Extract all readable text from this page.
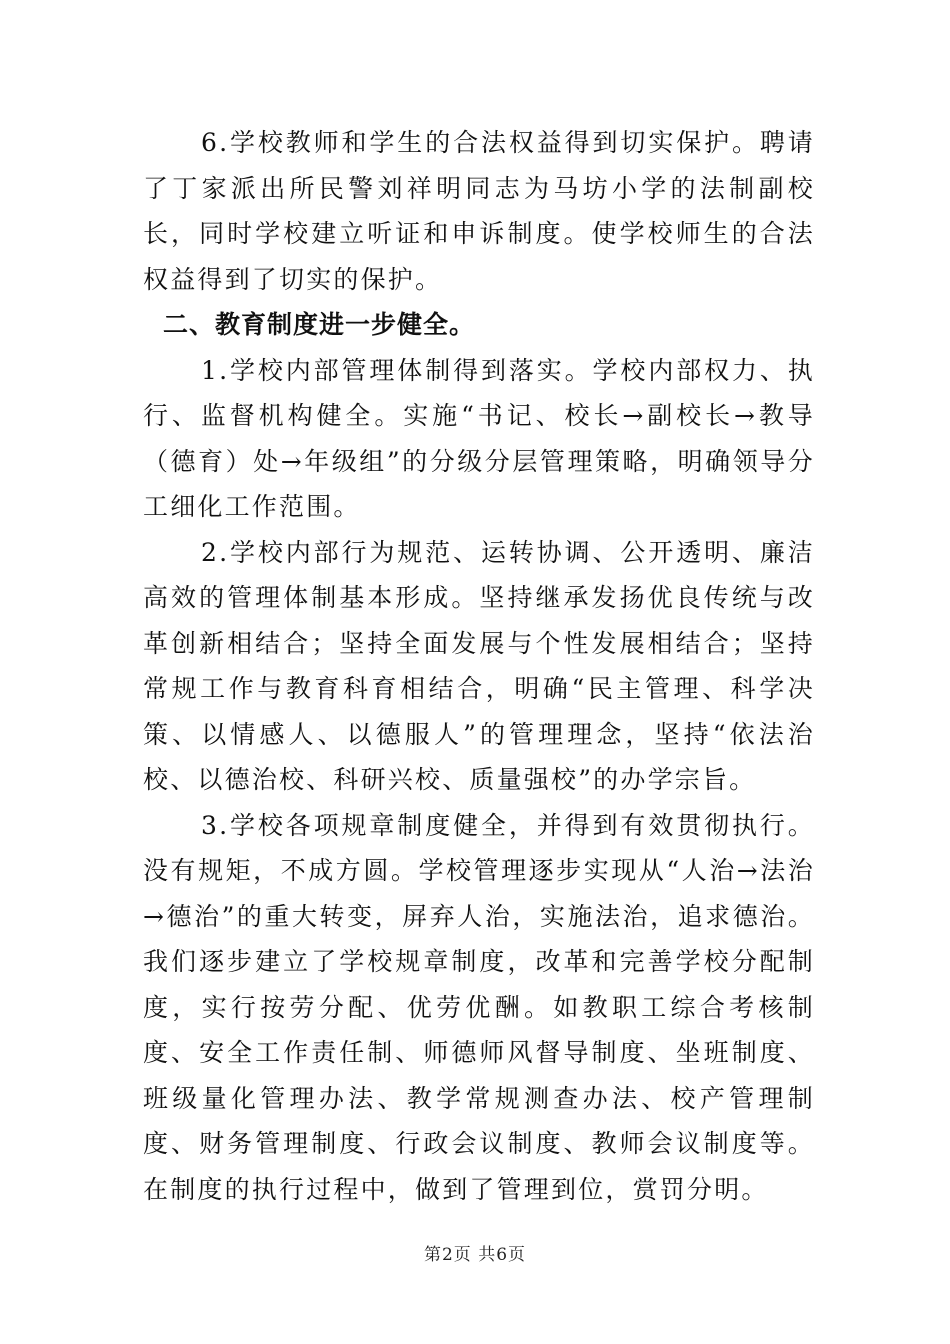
6.学校教师和学生的合法权益得到切实保护。聘请了丁家派出所民警刘祥明同志为马坊小学的法制副校长，同时学校建立听证和申诉制度。使学校师生的合法权益得到了切实的保护。

二、教育制度进一步健全。

1.学校内部管理体制得到落实。学校内部权力、执行、监督机构健全。实施“书记、校长→副校长→教导（德育）处→年级组”的分级分层管理策略，明确领导分工细化工作范围。

2.学校内部行为规范、运转协调、公开透明、廉洁高效的管理体制基本形成。坚持继承发扬优良传统与改革创新相结合；坚持全面发展与个性发展相结合；坚持常规工作与教育科育相结合，明确“民主管理、科学决策、以情感人、以德服人”的管理理念，坚持“依法治校、以德治校、科研兴校、质量强校”的办学宗旨。

3.学校各项规章制度健全，并得到有效贯彻执行。没有规矩，不成方圆。学校管理逐步实现从“人治→法治→德治”的重大转变，屏弃人治，实施法治，追求德治。我们逐步建立了学校规章制度，改革和完善学校分配制度，实行按劳分配、优劳优酬。如教职工综合考核制度、安全工作责任制、师德师风督导制度、坐班制度、班级量化管理办法、教学常规测查办法、校产管理制度、财务管理制度、行政会议制度、教师会议制度等。在制度的执行过程中，做到了管理到位，赏罚分明。

第2页 共6页
